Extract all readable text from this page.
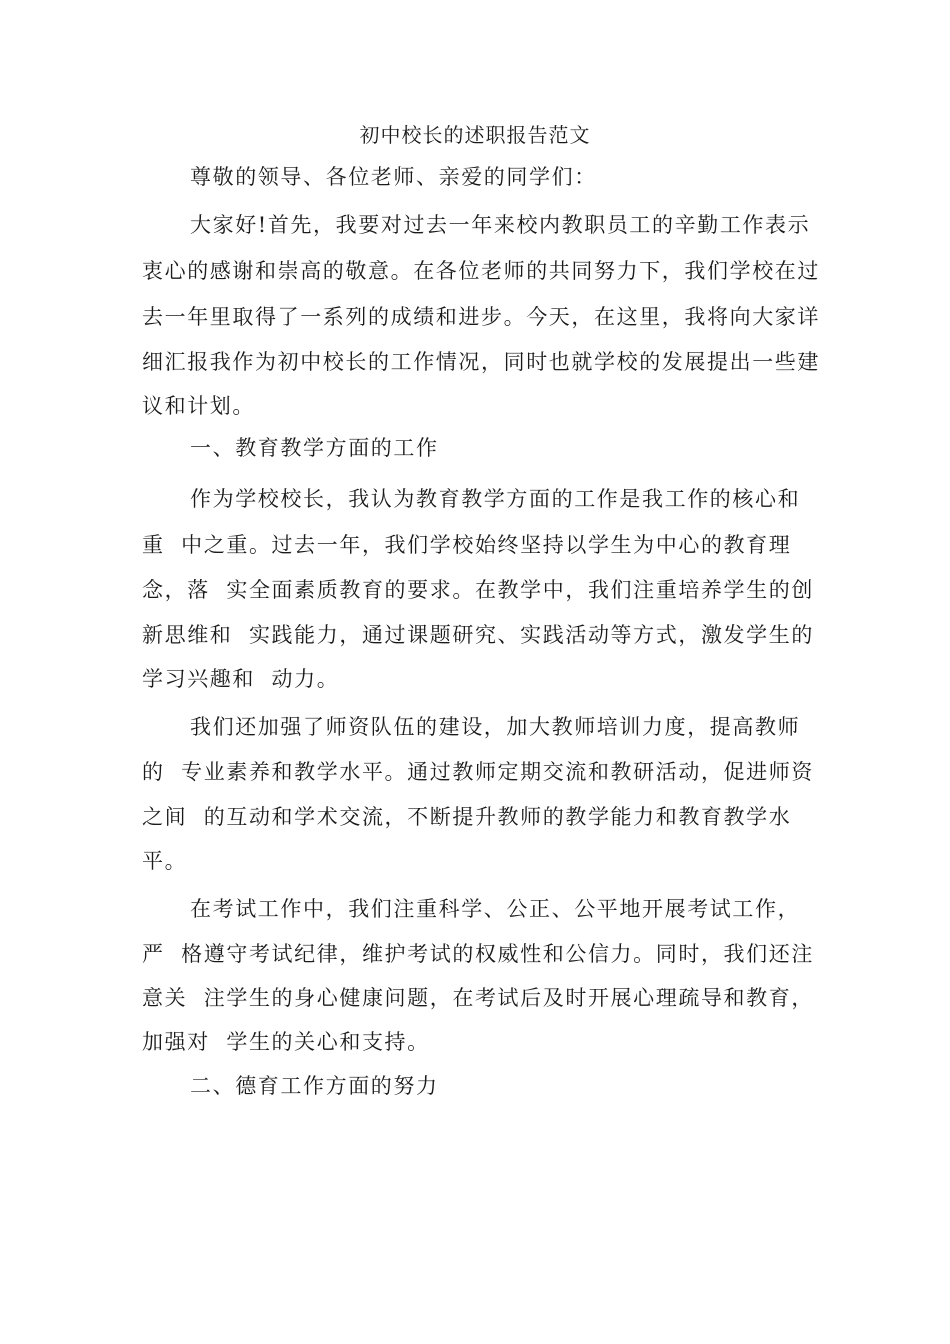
初中校长的述职报告范文
尊敬的领导、各位老师、亲爱的同学们：
大家好!首先，我要对过去一年来校内教职员工的辛勤工作表示
衷心的感谢和崇高的敬意。在各位老师的共同努力下，我们学校在过
去一年里取得了一系列的成绩和进步。今天，在这里，我将向大家详
细汇报我作为初中校长的工作情况，同时也就学校的发展提出一些建
议和计划。
一、教育教学方面的工作
作为学校校长，我认为教育教学方面的工作是我工作的核心和
重  中之重。过去一年，我们学校始终坚持以学生为中心的教育理
念，落  实全面素质教育的要求。在教学中，我们注重培养学生的创
新思维和  实践能力，通过课题研究、实践活动等方式，激发学生的
学习兴趣和  动力。
我们还加强了师资队伍的建设，加大教师培训力度，提高教师
的  专业素养和教学水平。通过教师定期交流和教研活动，促进师资
之间  的互动和学术交流，不断提升教师的教学能力和教育教学水
平。
在考试工作中，我们注重科学、公正、公平地开展考试工作，
严  格遵守考试纪律，维护考试的权威性和公信力。同时，我们还注
意关  注学生的身心健康问题，在考试后及时开展心理疏导和教育，
加强对  学生的关心和支持。
二、德育工作方面的努力
